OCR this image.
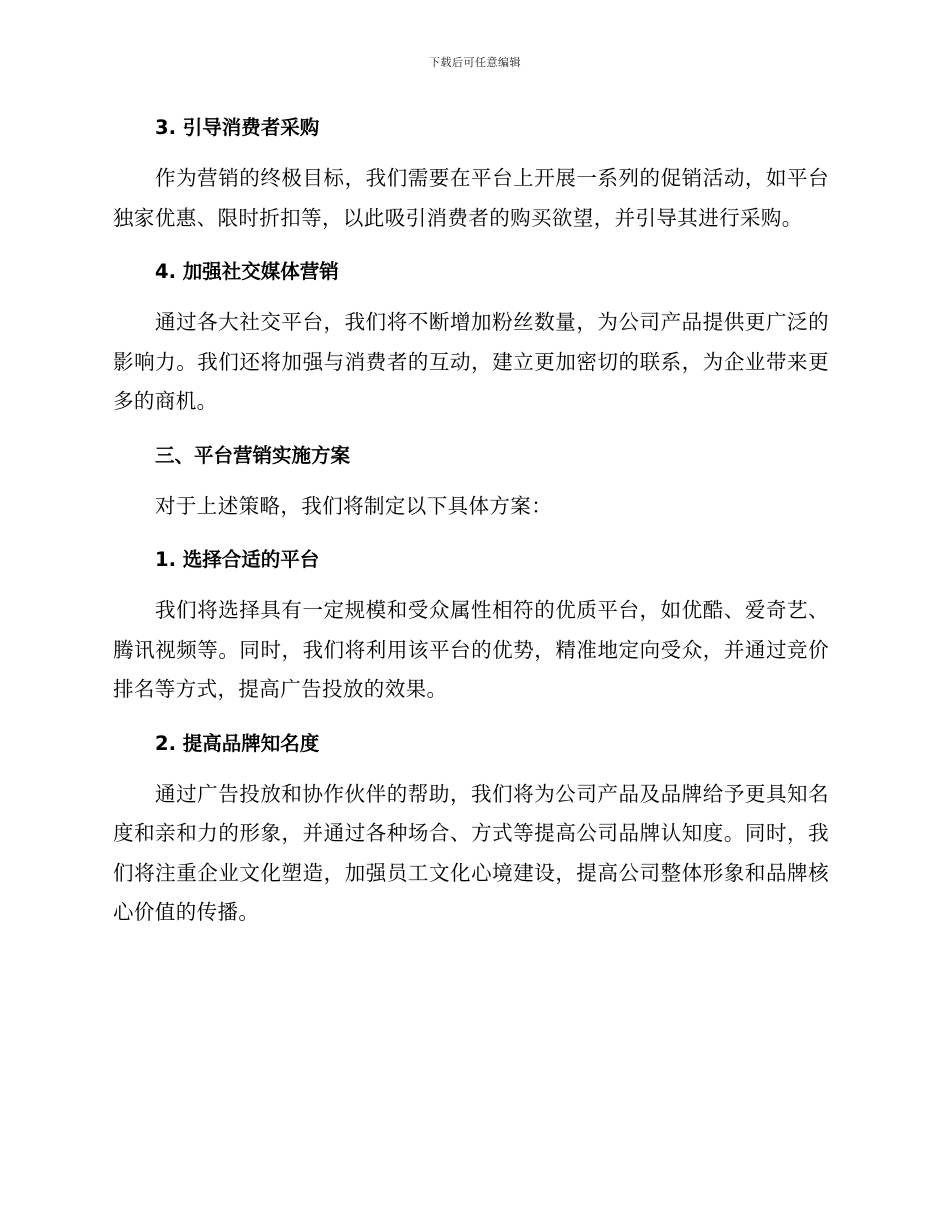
下载后可任意编辑
3. 引导消费者采购

作为营销的终极目标，我们需要在平台上开展一系列的促销活动，如平台独家优惠、限时折扣等，以此吸引消费者的购买欲望，并引导其进行采购。

4. 加强社交媒体营销

通过各大社交平台，我们将不断增加粉丝数量，为公司产品提供更广泛的影响力。我们还将加强与消费者的互动，建立更加密切的联系，为企业带来更多的商机。

三、平台营销实施方案

对于上述策略，我们将制定以下具体方案：

1. 选择合适的平台

我们将选择具有一定规模和受众属性相符的优质平台，如优酷、爱奇艺、腾讯视频等。同时，我们将利用该平台的优势，精准地定向受众，并通过竞价排名等方式，提高广告投放的效果。

2. 提高品牌知名度

通过广告投放和协作伙伴的帮助，我们将为公司产品及品牌给予更具知名度和亲和力的形象，并通过各种场合、方式等提高公司品牌认知度。同时，我们将注重企业文化塑造，加强员工文化心境建设，提高公司整体形象和品牌核心价值的传播。
